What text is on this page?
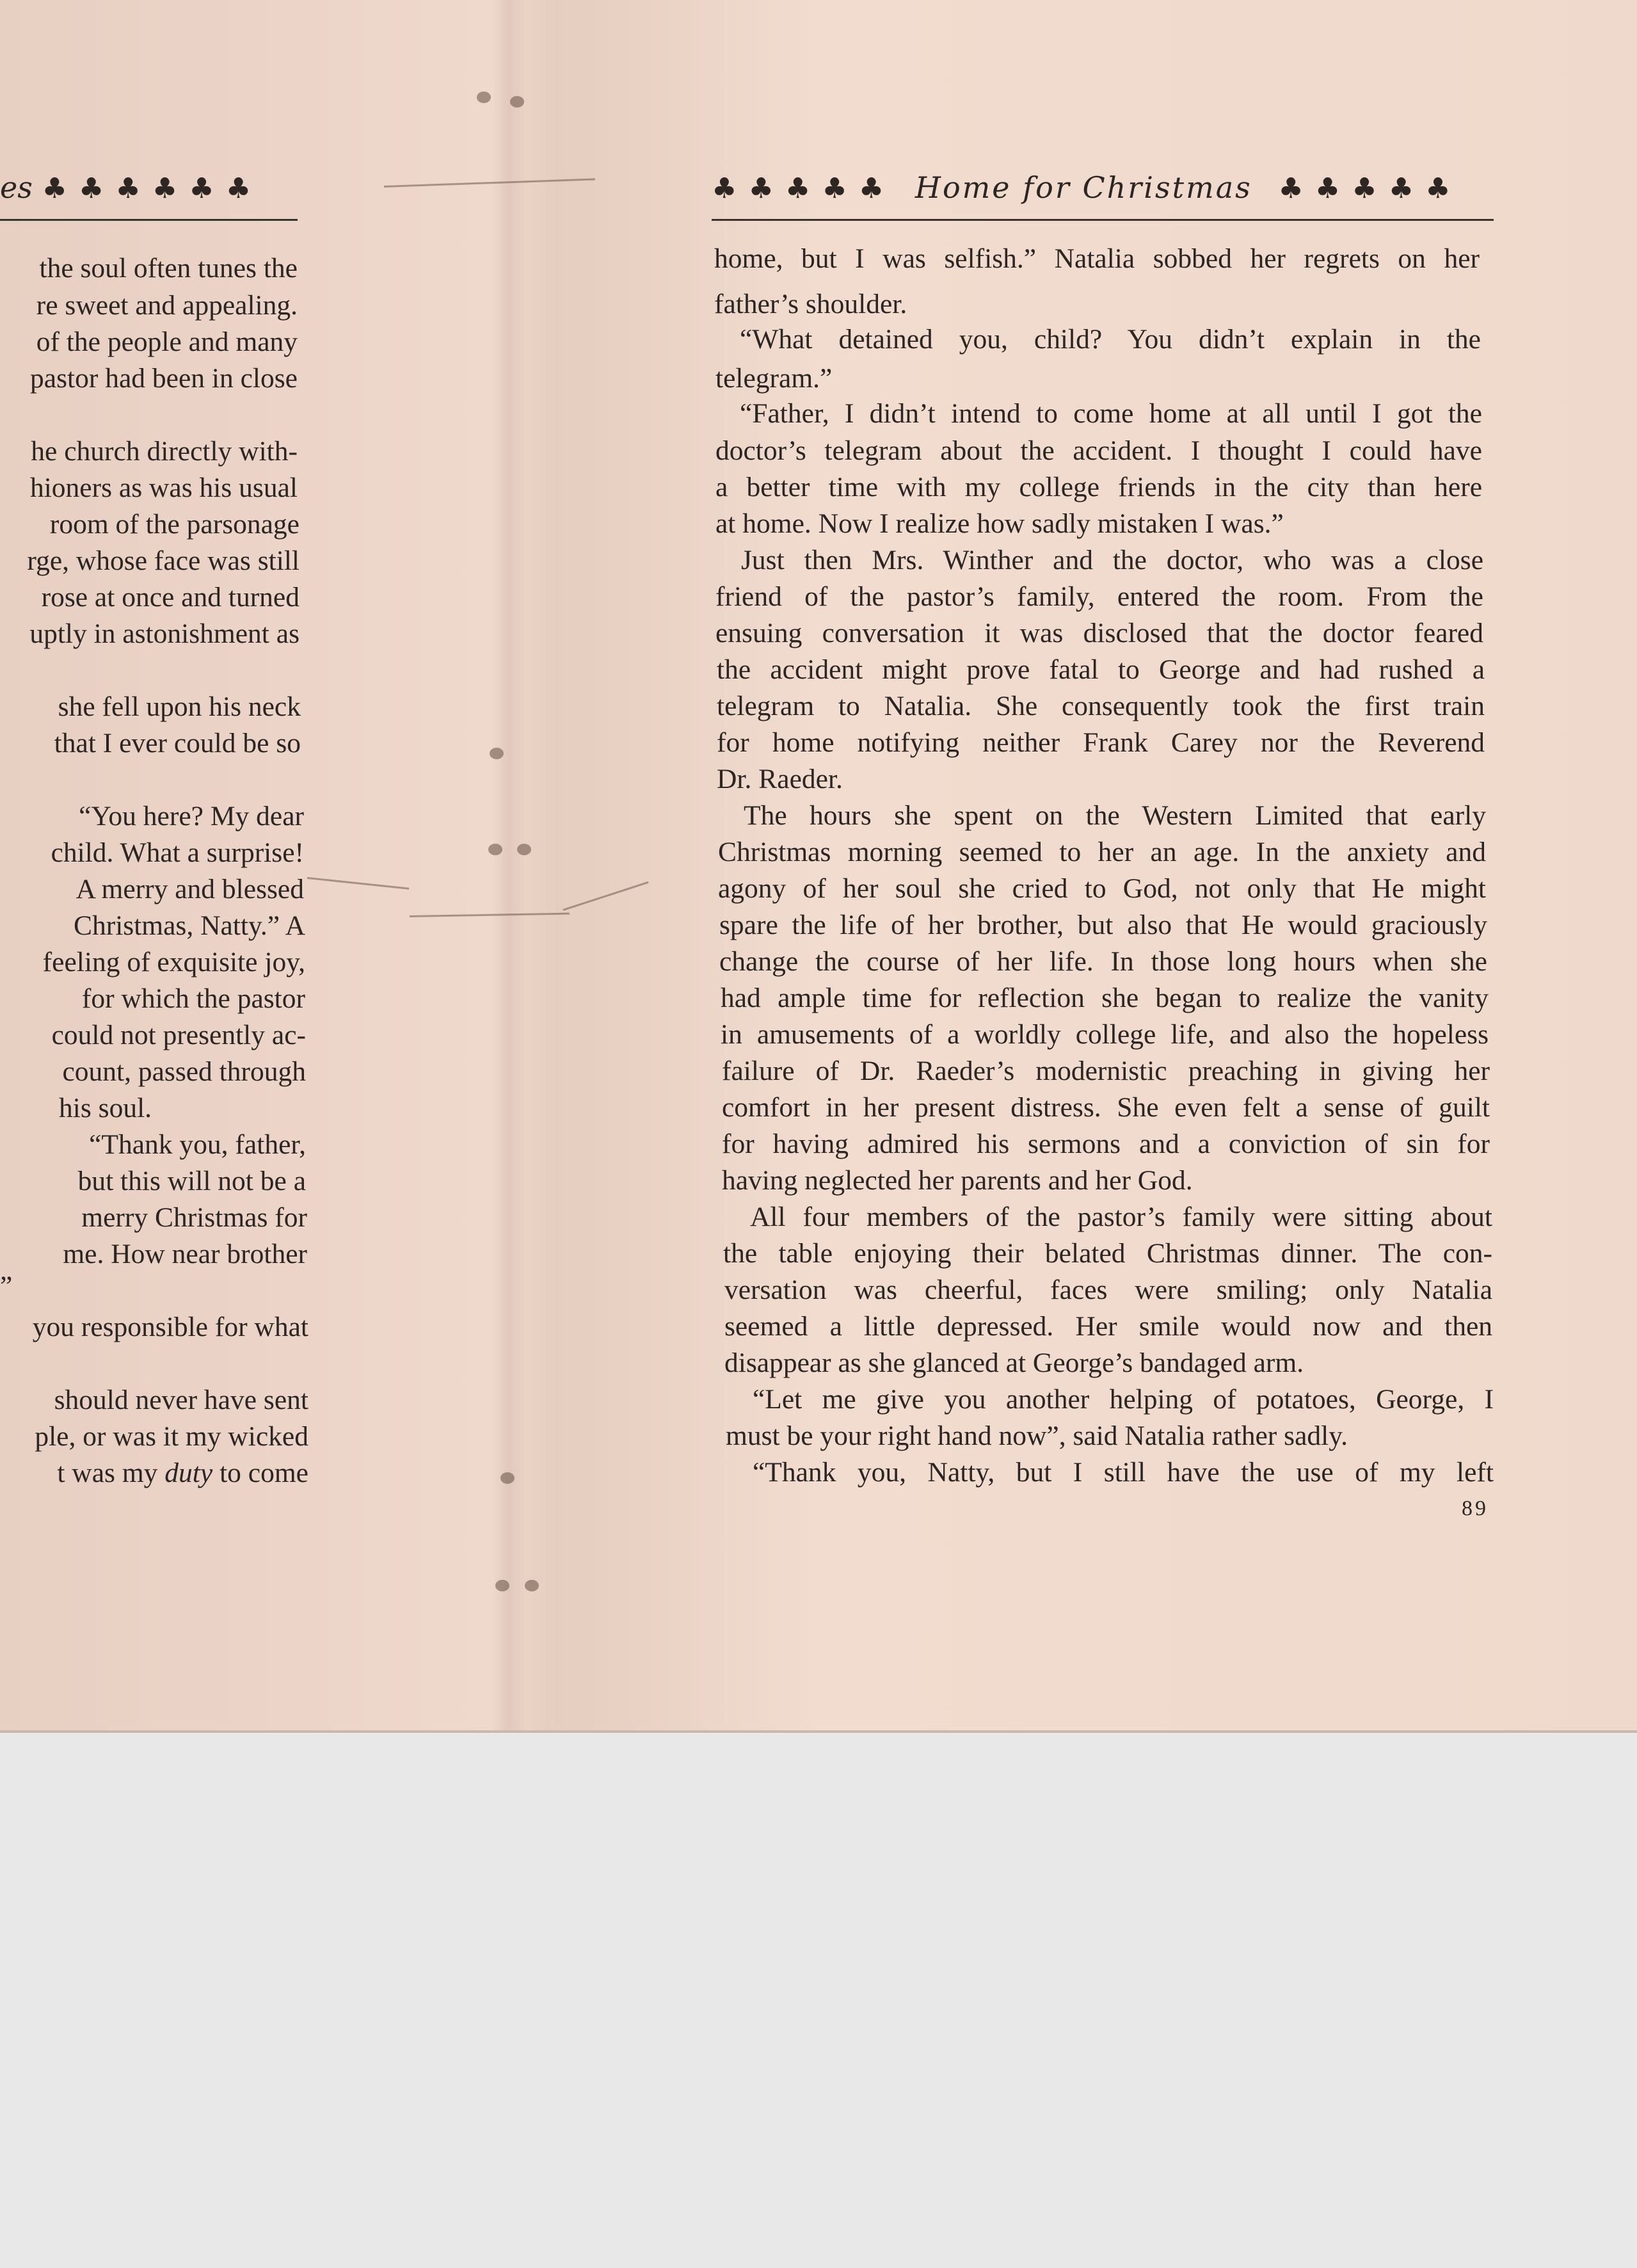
es ♣♣♣♣♣♣	♣♣♣♣♣ Home for Christmas ♣♣♣♣♣
the soul often tunes the
re sweet and appealing.
of the people and many
pastor had been in close
he church directly with-
hioners as was his usual
room of the parsonage
rge, whose face was still
rose at once and turned
uptly in astonishment as
she fell upon his neck
that I ever could be so
“You here? My dear
child. What a surprise!
A merry and blessed
Christmas, Natty.” A
feeling of exquisite joy,
for which the pastor
could not presently ac-
count, passed through
his soul.
“Thank you, father,
but this will not be a
merry Christmas for
me. How near brother
”
you responsible for what
should never have sent
ple, or was it my wicked
t was my duty to come
home, but I was selfish.” Natalia sobbed her regrets on her
father’s shoulder.
“What detained you, child? You didn’t explain in the
telegram.”
“Father, I didn’t intend to come home at all until I got the
doctor’s telegram about the accident. I thought I could have
a better time with my college friends in the city than here
at home. Now I realize how sadly mistaken I was.”
Just then Mrs. Winther and the doctor, who was a close
friend of the pastor’s family, entered the room. From the
ensuing conversation it was disclosed that the doctor feared
the accident might prove fatal to George and had rushed a
telegram to Natalia. She consequently took the first train
for home notifying neither Frank Carey nor the Reverend
Dr. Raeder.
The hours she spent on the Western Limited that early
Christmas morning seemed to her an age. In the anxiety and
agony of her soul she cried to God, not only that He might
spare the life of her brother, but also that He would graciously
change the course of her life. In those long hours when she
had ample time for reflection she began to realize the vanity
in amusements of a worldly college life, and also the hopeless
failure of Dr. Raeder’s modernistic preaching in giving her
comfort in her present distress. She even felt a sense of guilt
for having admired his sermons and a conviction of sin for
having neglected her parents and her God.
All four members of the pastor’s family were sitting about
the table enjoying their belated Christmas dinner. The con-
versation was cheerful, faces were smiling; only Natalia
seemed a little depressed. Her smile would now and then
disappear as she glanced at George’s bandaged arm.
“Let me give you another helping of potatoes, George, I
must be your right hand now”, said Natalia rather sadly.
“Thank you, Natty, but I still have the use of my left
89
